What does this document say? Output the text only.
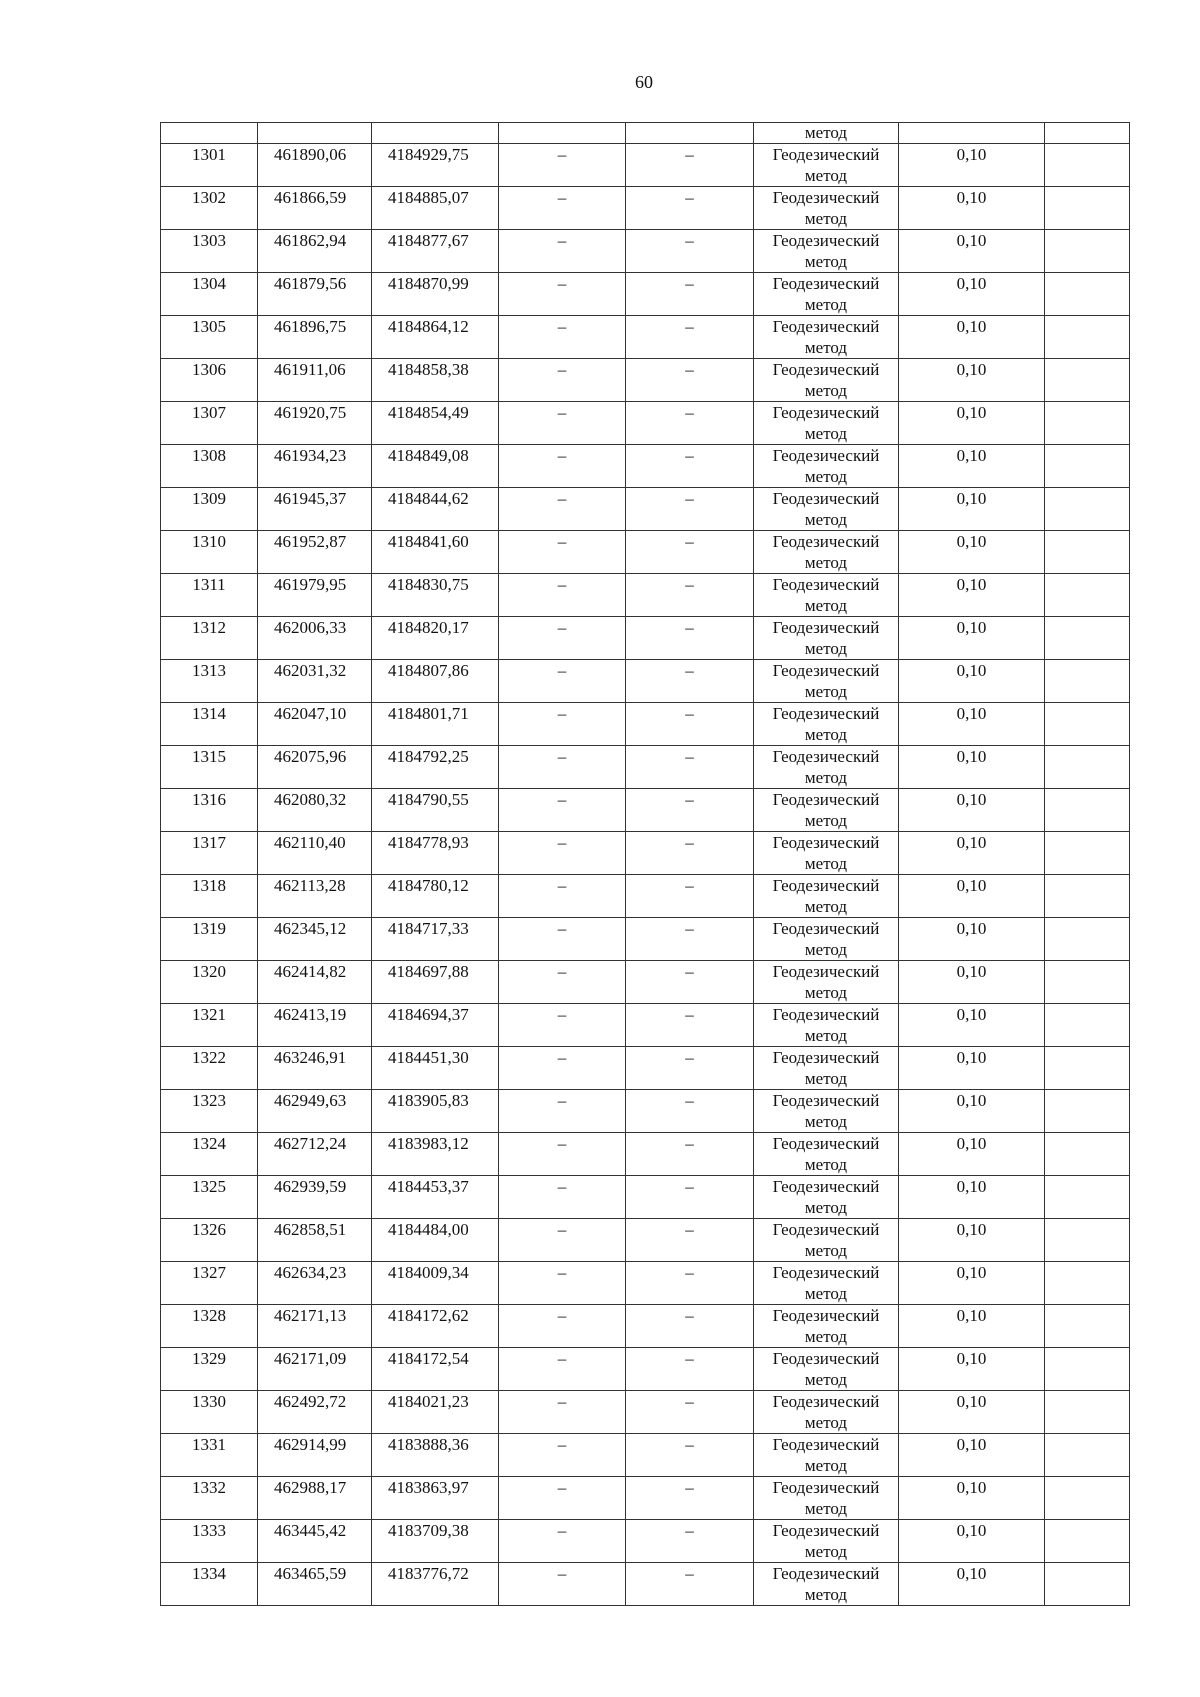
60
					метод		
1301	461890,06	4184929,75	–	–	Геодезический метод	0,10	
1302	461866,59	4184885,07	–	–	Геодезический метод	0,10	
1303	461862,94	4184877,67	–	–	Геодезический метод	0,10	
1304	461879,56	4184870,99	–	–	Геодезический метод	0,10	
1305	461896,75	4184864,12	–	–	Геодезический метод	0,10	
1306	461911,06	4184858,38	–	–	Геодезический метод	0,10	
1307	461920,75	4184854,49	–	–	Геодезический метод	0,10	
1308	461934,23	4184849,08	–	–	Геодезический метод	0,10	
1309	461945,37	4184844,62	–	–	Геодезический метод	0,10	
1310	461952,87	4184841,60	–	–	Геодезический метод	0,10	
1311	461979,95	4184830,75	–	–	Геодезический метод	0,10	
1312	462006,33	4184820,17	–	–	Геодезический метод	0,10	
1313	462031,32	4184807,86	–	–	Геодезический метод	0,10	
1314	462047,10	4184801,71	–	–	Геодезический метод	0,10	
1315	462075,96	4184792,25	–	–	Геодезический метод	0,10	
1316	462080,32	4184790,55	–	–	Геодезический метод	0,10	
1317	462110,40	4184778,93	–	–	Геодезический метод	0,10	
1318	462113,28	4184780,12	–	–	Геодезический метод	0,10	
1319	462345,12	4184717,33	–	–	Геодезический метод	0,10	
1320	462414,82	4184697,88	–	–	Геодезический метод	0,10	
1321	462413,19	4184694,37	–	–	Геодезический метод	0,10	
1322	463246,91	4184451,30	–	–	Геодезический метод	0,10	
1323	462949,63	4183905,83	–	–	Геодезический метод	0,10	
1324	462712,24	4183983,12	–	–	Геодезический метод	0,10	
1325	462939,59	4184453,37	–	–	Геодезический метод	0,10	
1326	462858,51	4184484,00	–	–	Геодезический метод	0,10	
1327	462634,23	4184009,34	–	–	Геодезический метод	0,10	
1328	462171,13	4184172,62	–	–	Геодезический метод	0,10	
1329	462171,09	4184172,54	–	–	Геодезический метод	0,10	
1330	462492,72	4184021,23	–	–	Геодезический метод	0,10	
1331	462914,99	4183888,36	–	–	Геодезический метод	0,10	
1332	462988,17	4183863,97	–	–	Геодезический метод	0,10	
1333	463445,42	4183709,38	–	–	Геодезический метод	0,10	
1334	463465,59	4183776,72	–	–	Геодезический метод	0,10	
